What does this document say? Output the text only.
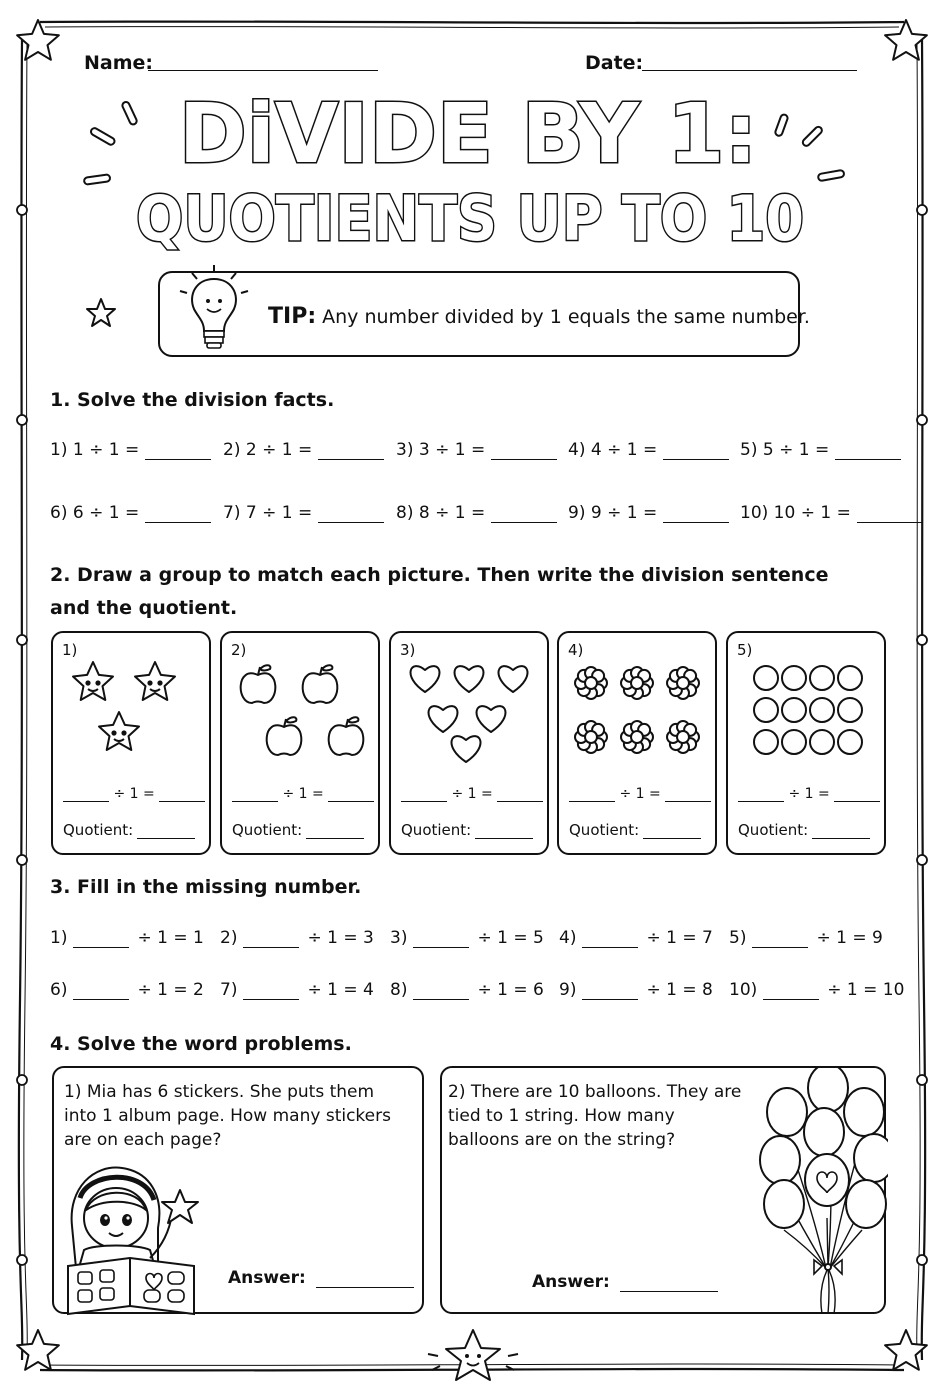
Name:	Date:
DiVIDE BY 1:
QUOTIENTS UP TO 10
TIP: Any number divided by 1 equals the same number.
1. Solve the division facts.
1) 1 ÷ 1 =	2) 2 ÷ 1 =	3) 3 ÷ 1 =	4) 4 ÷ 1 =	5) 5 ÷ 1 =
6) 6 ÷ 1 =	7) 7 ÷ 1 =	8) 8 ÷ 1 =	9) 9 ÷ 1 =	10) 10 ÷ 1 =
2. Draw a group to match each picture. Then write the division sentence
and the quotient.
1)
÷ 1 =
Quotient:
2)
÷ 1 =
Quotient:
3)
÷ 1 =
Quotient:
4)
÷ 1 =
Quotient:
5)
÷ 1 =
Quotient:
3. Fill in the missing number.
1)	÷ 1 = 1 2)	÷ 1 = 3 3)	÷ 1 = 5 4)	÷ 1 = 7 5)	÷ 1 = 9
6)	÷ 1 = 2 7)	÷ 1 = 4 8)	÷ 1 = 6 9)	÷ 1 = 8 10)	÷ 1 = 10
4. Solve the word problems.
1) Mia has 6 stickers. She puts them into 1 album page. How many stickers are on each page?
Answer:
2) There are 10 balloons. They are tied to 1 string. How many balloons are on the string?
Answer:
